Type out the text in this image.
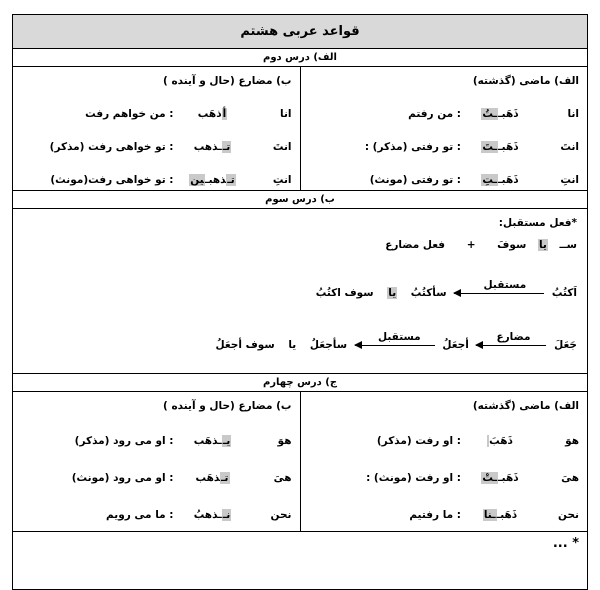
قواعد عربی هشتم
الف) درس دوم
الف) ماضی (گذشته)
انا
ذَهَبــتُ
: من رفتم
انتَ
ذَهَبــتَ
: تو رفتی (مذکر) :
انتِ
ذَهَبــتِ
: تو رفتی (مونث)
ب) مضارع (حال و آینده )
انا
أذهَب
: من خواهم رفت
انتَ
تــذهب
: تو خواهی رفت (مذکر)
انتِ
تـذهبـین
: تو خواهی رفت(مونث)
ب) درس سوم
*فعل مستقبل:
ســ یا سوفَ + فعل مضارع
اَکتُبُ
مستقبل
سأکتُبُ یا سوف اکتُبُ
جَعَلَ
مضارع
أجعَلُ
مستقبل
سأجعَلُ یا سوف أجعَلُ
ج) درس چهارم
الف) ماضی (گذشته)
هوَ
ذَهَبَ
: او رفت (مذکر)
هیَ
ذَهَبــتْ
: او رفت (مونث) :
نحن
ذَهَبــنا
: ما رفتیم
ب) مضارع (حال و آینده )
هوَ
یــذهَب
: او می رود (مذکر)
هیَ
تـذهَب
: او می رود (مونث)
نحن
نــذهبُ
: ما می رویم
* ...
